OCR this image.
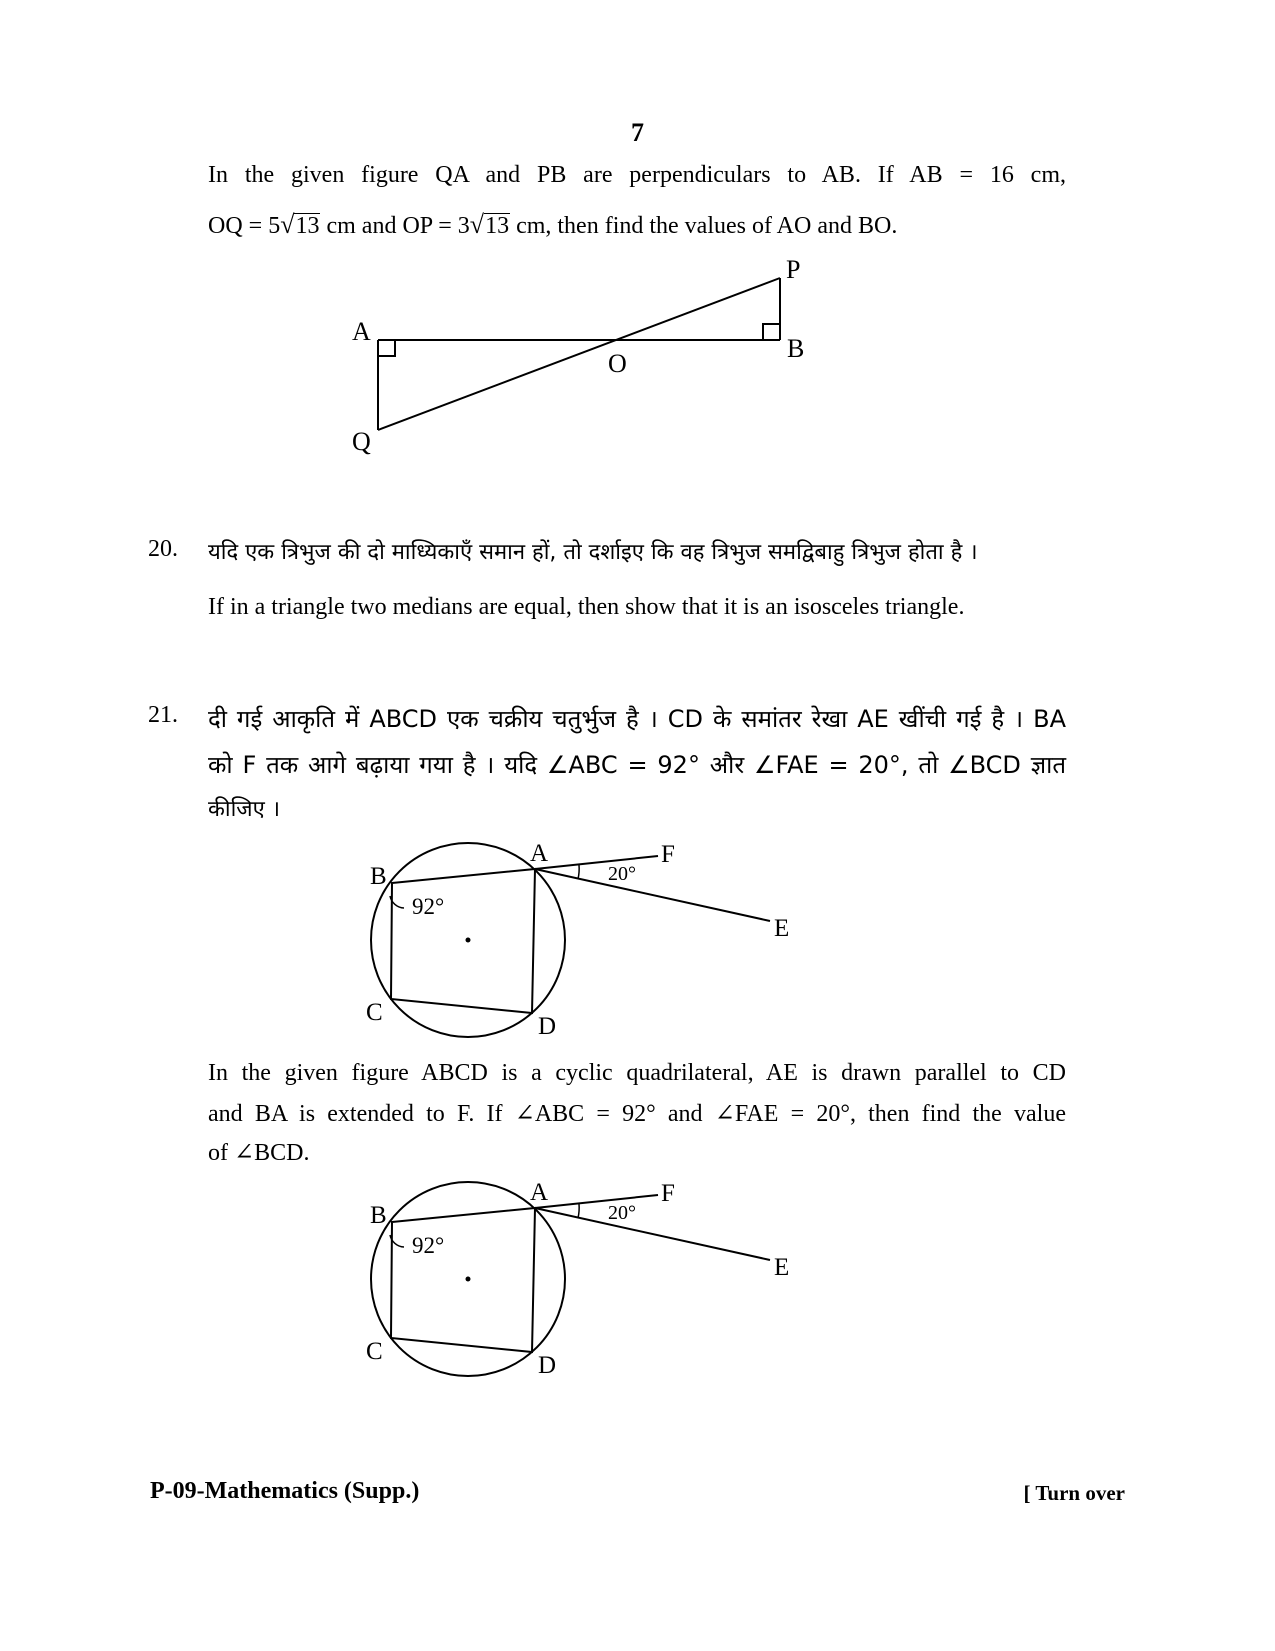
7
In the given figure QA and PB are perpendiculars to AB. If AB = 16 cm,
OQ = 5√13 cm and OP = 3√13 cm, then find the values of AO and BO.
A
B
O
P
Q
20. यदि एक त्रिभुज की दो माध्यिकाएँ समान हों, तो दर्शाइए कि वह त्रिभुज समद्विबाहु त्रिभुज होता है ।
If in a triangle two medians are equal, then show that it is an isosceles triangle.
21. दी गई आकृति में ABCD एक चक्रीय चतुर्भुज है । CD के समांतर रेखा AE खींची गई है । BA
को F तक आगे बढ़ाया गया है । यदि ∠ABC = 92° और ∠FAE = 20°, तो ∠BCD ज्ञात
कीजिए ।
A
B
C
D
E
F
92°
20°
In the given figure ABCD is a cyclic quadrilateral, AE is drawn parallel to CD
and BA is extended to F. If ∠ABC = 92° and ∠FAE = 20°, then find the value
of ∠BCD.
A
B
C
D
E
F
92°
20°
P-09-Mathematics (Supp.)	[ Turn over
